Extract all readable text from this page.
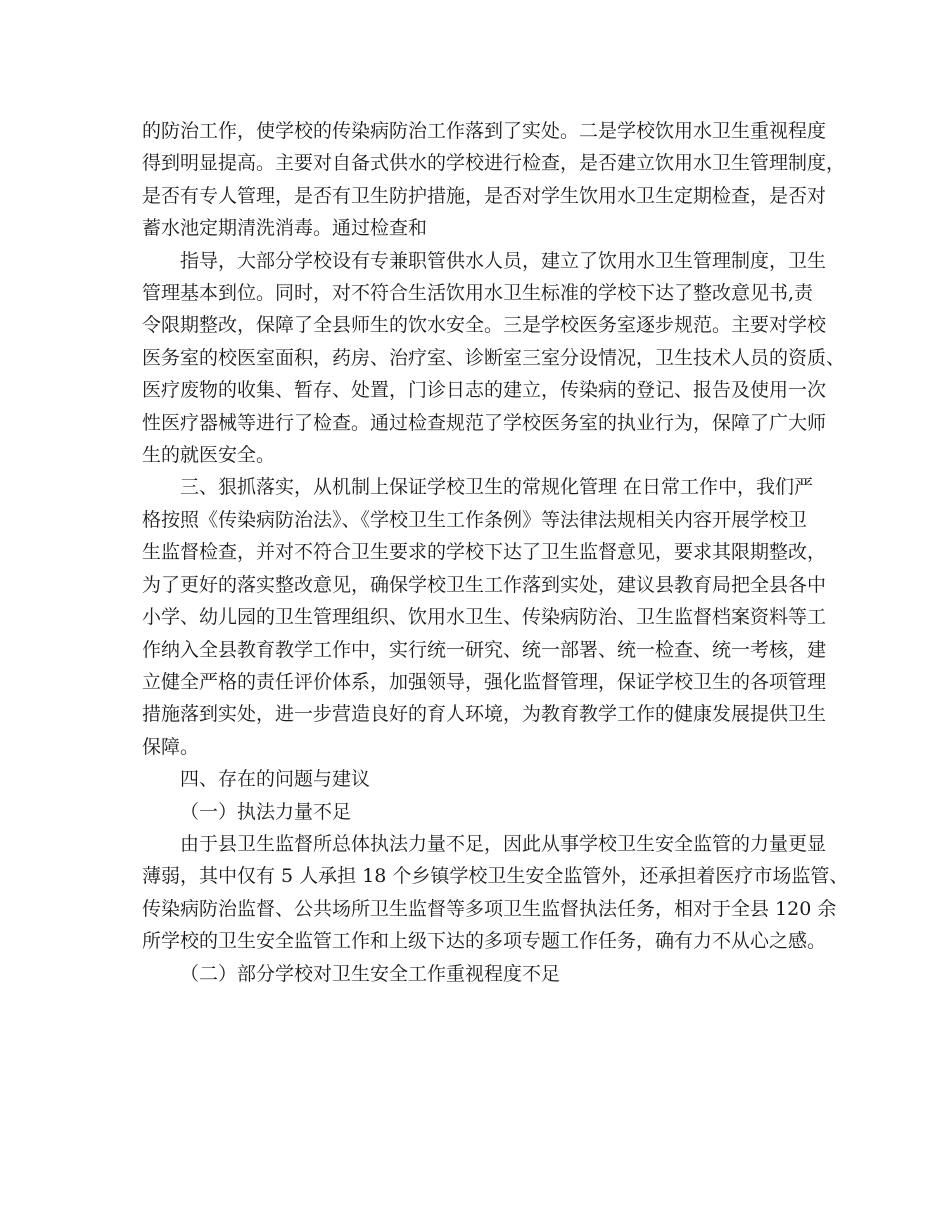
的防治工作，使学校的传染病防治工作落到了实处。二是学校饮用水卫生重视程度
得到明显提高。主要对自备式供水的学校进行检查，是否建立饮用水卫生管理制度，
是否有专人管理，是否有卫生防护措施，是否对学生饮用水卫生定期检查，是否对
蓄水池定期清洗消毒。通过检查和

指导，大部分学校设有专兼职管供水人员，建立了饮用水卫生管理制度，卫生
管理基本到位。同时，对不符合生活饮用水卫生标准的学校下达了整改意见书,责
令限期整改，保障了全县师生的饮水安全。三是学校医务室逐步规范。主要对学校
医务室的校医室面积，药房、治疗室、诊断室三室分设情况，卫生技术人员的资质、
医疗废物的收集、暂存、处置，门诊日志的建立，传染病的登记、报告及使用一次
性医疗器械等进行了检查。通过检查规范了学校医务室的执业行为，保障了广大师
生的就医安全。

三、狠抓落实，从机制上保证学校卫生的常规化管理 在日常工作中，我们严
格按照《传染病防治法》、《学校卫生工作条例》等法律法规相关内容开展学校卫
生监督检查，并对不符合卫生要求的学校下达了卫生监督意见，要求其限期整改，
为了更好的落实整改意见，确保学校卫生工作落到实处，建议县教育局把全县各中
小学、幼儿园的卫生管理组织、饮用水卫生、传染病防治、卫生监督档案资料等工
作纳入全县教育教学工作中，实行统一研究、统一部署、统一检查、统一考核，建
立健全严格的责任评价体系，加强领导，强化监督管理，保证学校卫生的各项管理
措施落到实处，进一步营造良好的育人环境，为教育教学工作的健康发展提供卫生
保障。

四、存在的问题与建议

（一）执法力量不足

由于县卫生监督所总体执法力量不足，因此从事学校卫生安全监管的力量更显
薄弱，其中仅有 5 人承担 18 个乡镇学校卫生安全监管外，还承担着医疗市场监管、
传染病防治监督、公共场所卫生监督等多项卫生监督执法任务，相对于全县 120 余
所学校的卫生安全监管工作和上级下达的多项专题工作任务，确有力不从心之感。

（二）部分学校对卫生安全工作重视程度不足
